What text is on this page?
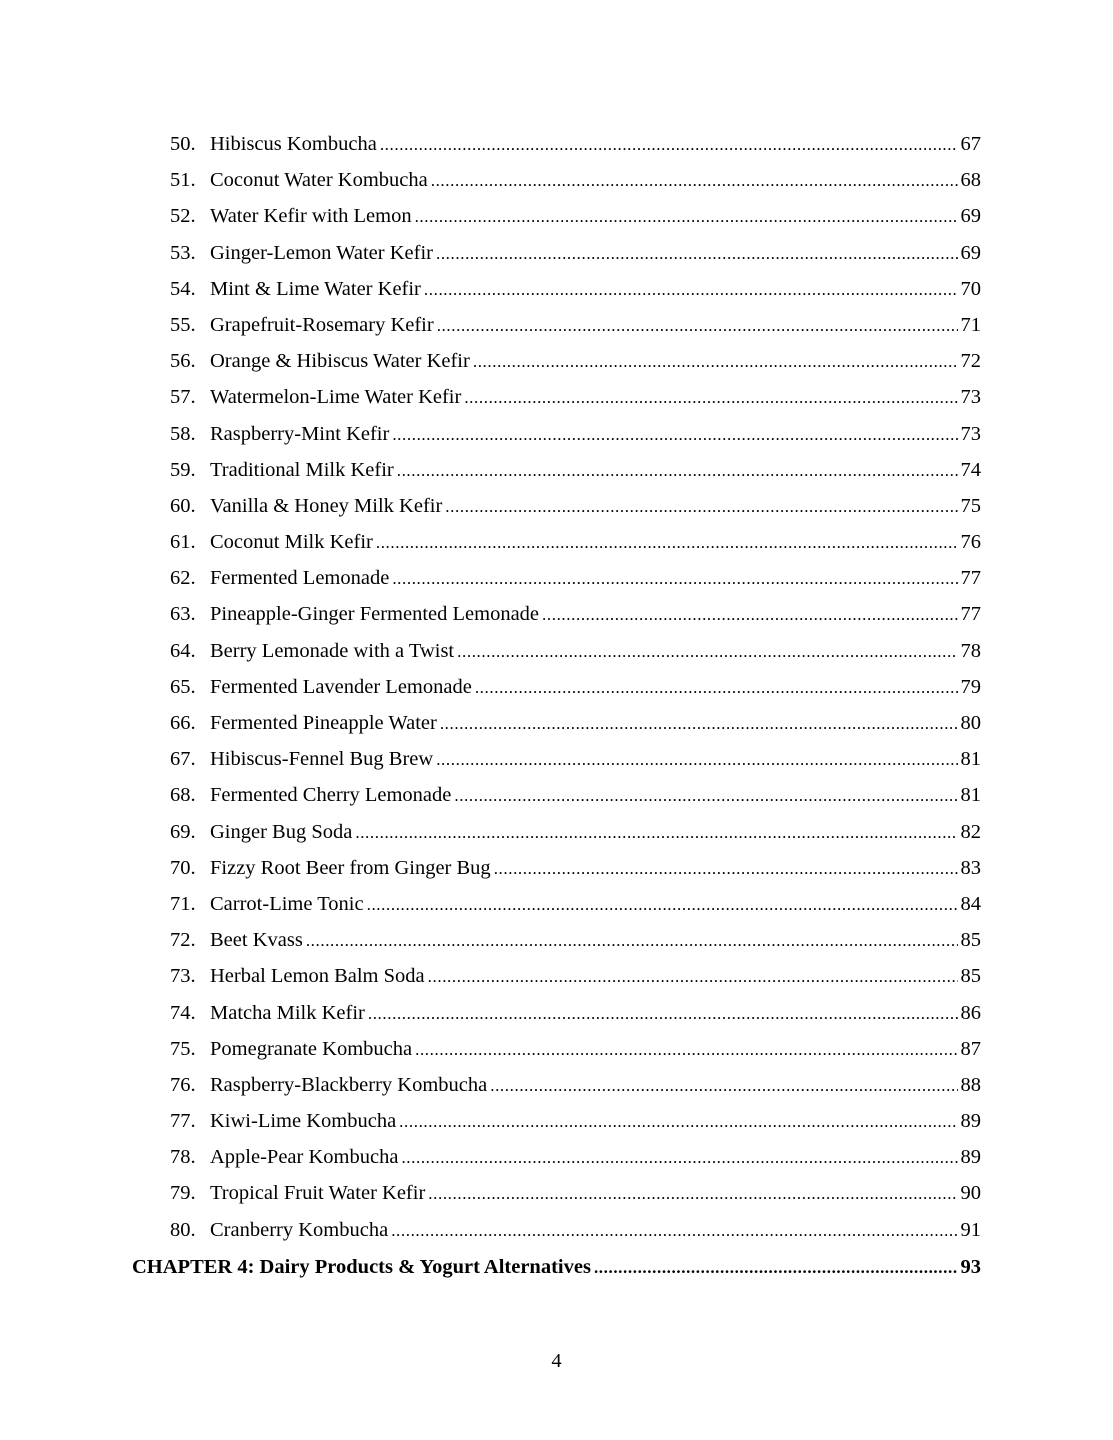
50. Hibiscus Kombucha .....	67
51. Coconut Water Kombucha .....	68
52. Water Kefir with Lemon .....	69
53. Ginger-Lemon Water Kefir .....	69
54. Mint & Lime Water Kefir .....	70
55. Grapefruit-Rosemary Kefir .....	71
56. Orange & Hibiscus Water Kefir .....	72
57. Watermelon-Lime Water Kefir .....	73
58. Raspberry-Mint Kefir .....	73
59. Traditional Milk Kefir .....	74
60. Vanilla & Honey Milk Kefir .....	75
61. Coconut Milk Kefir .....	76
62. Fermented Lemonade .....	77
63. Pineapple-Ginger Fermented Lemonade .....	77
64. Berry Lemonade with a Twist .....	78
65. Fermented Lavender Lemonade .....	79
66. Fermented Pineapple Water .....	80
67. Hibiscus-Fennel Bug Brew .....	81
68. Fermented Cherry Lemonade .....	81
69. Ginger Bug Soda .....	82
70. Fizzy Root Beer from Ginger Bug .....	83
71. Carrot-Lime Tonic .....	84
72. Beet Kvass .....	85
73. Herbal Lemon Balm Soda .....	85
74. Matcha Milk Kefir .....	86
75. Pomegranate Kombucha .....	87
76. Raspberry-Blackberry Kombucha .....	88
77. Kiwi-Lime Kombucha .....	89
78. Apple-Pear Kombucha .....	89
79. Tropical Fruit Water Kefir .....	90
80. Cranberry Kombucha .....	91
CHAPTER 4: Dairy Products & Yogurt Alternatives .....	93
4
